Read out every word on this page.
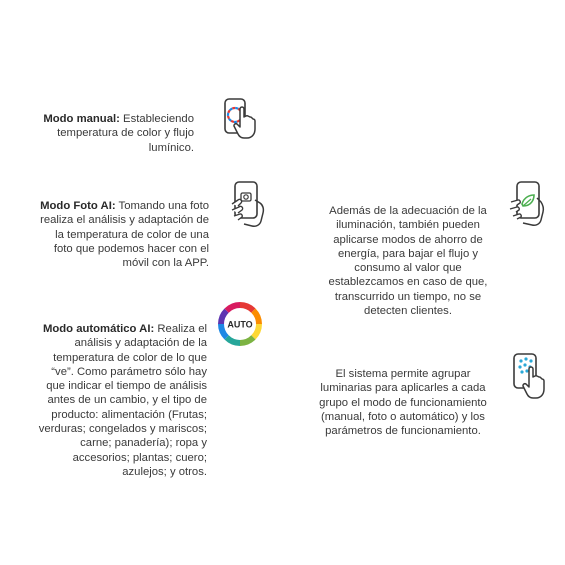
Modo manual: Estableciendo
temperatura de color y flujo
lumínico.
Modo Foto AI: Tomando una foto
realiza el análisis y adaptación de
la temperatura de color de una
foto que podemos hacer con el
móvil con la APP.
Modo automático AI: Realiza el
análisis y adaptación de la
temperatura de color de lo que
“ve”. Como parámetro sólo hay
que indicar el tiempo de análisis
antes de un cambio, y el tipo de
producto: alimentación (Frutas;
verduras; congelados y mariscos;
carne; panadería); ropa y
accesorios; plantas; cuero;
azulejos; y otros.
AUTO
Además de la adecuación de la
iluminación, también pueden
aplicarse modos de ahorro de
energía, para bajar el flujo y
consumo al valor que
establezcamos en caso de que,
transcurrido un tiempo, no se
detecten clientes.
El sistema permite agrupar
luminarias para aplicarles a cada
grupo el modo de funcionamiento
(manual, foto o automático) y los
parámetros de funcionamiento.
